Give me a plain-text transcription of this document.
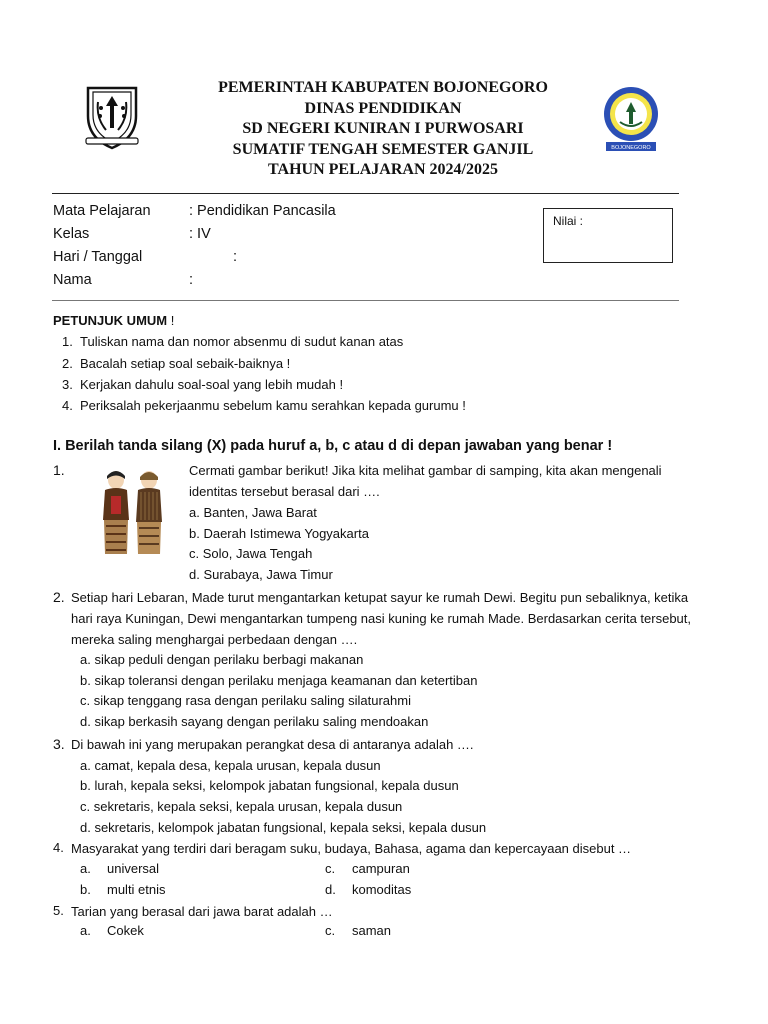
PEMERINTAH KABUPATEN BOJONEGORO
DINAS PENDIDIKAN
SD NEGERI KUNIRAN I PURWOSARI
SUMATIF TENGAH SEMESTER GANJIL
TAHUN PELAJARAN 2024/2025
BOJONEGORO
Mata Pelajaran	: Pendidikan Pancasila
Kelas	: IV
Hari / Tanggal	:
Nama	:
Nilai :
PETUNJUK UMUM !
1. Tuliskan nama dan nomor absenmu di sudut kanan atas
2. Bacalah setiap soal sebaik-baiknya !
3. Kerjakan dahulu soal-soal yang lebih mudah !
4. Periksalah pekerjaanmu sebelum kamu serahkan kepada gurumu !
I. Berilah tanda silang (X) pada huruf a, b, c atau d di depan jawaban yang benar !
1.	Cermati gambar berikut! Jika kita melihat gambar di samping, kita akan mengenali
identitas tersebut berasal dari ….
a. Banten, Jawa Barat
b. Daerah Istimewa Yogyakarta
c. Solo, Jawa Tengah
d. Surabaya, Jawa Timur
2. Setiap hari Lebaran, Made turut mengantarkan ketupat sayur ke rumah Dewi. Begitu pun sebaliknya, ketika
hari raya Kuningan, Dewi mengantarkan tumpeng nasi kuning ke rumah Made. Berdasarkan cerita tersebut,
mereka saling menghargai perbedaan dengan ….
a. sikap peduli dengan perilaku berbagi makanan
b. sikap toleransi dengan perilaku menjaga keamanan dan ketertiban
c. sikap tenggang rasa dengan perilaku saling silaturahmi
d. sikap berkasih sayang dengan perilaku saling mendoakan
3. Di bawah ini yang merupakan perangkat desa di antaranya adalah ….
a. camat, kepala desa, kepala urusan, kepala dusun
b. lurah, kepala seksi, kelompok jabatan fungsional, kepala dusun
c. sekretaris, kepala seksi, kepala urusan, kepala dusun
d. sekretaris, kelompok jabatan fungsional, kepala seksi, kepala dusun
4. Masyarakat yang terdiri dari beragam suku, budaya, Bahasa, agama dan kepercayaan disebut …
a. universal
b. multi etnis
c. campuran
d. komoditas
5. Tarian yang berasal dari jawa barat adalah …
a. Cokek	c. saman
